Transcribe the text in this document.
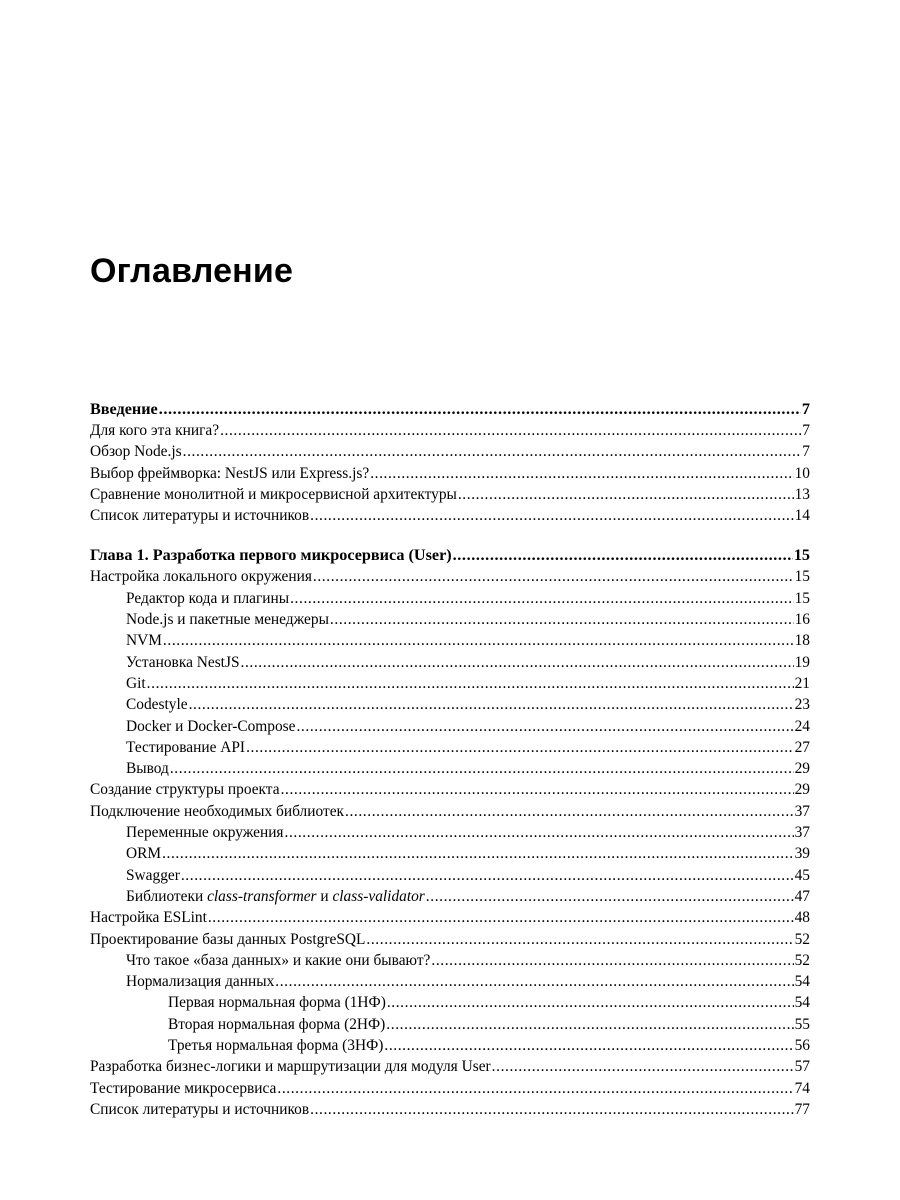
Оглавление
Введение .....	7
Для кого эта книга? .....	7
Обзор Node.js .....	7
Выбор фреймворка: NestJS или Express.js? .....	10
Сравнение монолитной и микросервисной архитектуры .....	13
Список литературы и источников .....	14
Глава 1. Разработка первого микросервиса (User) .....	15
Настройка локального окружения .....	15
Редактор кода и плагины .....	15
Node.js и пакетные менеджеры .....	16
NVM .....	18
Установка NestJS .....	19
Git .....	21
Codestyle .....	23
Docker и Docker-Compose .....	24
Тестирование API .....	27
Вывод .....	29
Создание структуры проекта .....	29
Подключение необходимых библиотек .....	37
Переменные окружения .....	37
ORM .....	39
Swagger .....	45
Библиотеки class-transformer и class-validator .....	47
Настройка ESLint .....	48
Проектирование базы данных PostgreSQL .....	52
Что такое «база данных» и какие они бывают? .....	52
Нормализация данных .....	54
Первая нормальная форма (1НФ) .....	54
Вторая нормальная форма (2НФ) .....	55
Третья нормальная форма (3НФ) .....	56
Разработка бизнес-логики и маршрутизации для модуля User .....	57
Тестирование микросервиса .....	74
Список литературы и источников .....	77
